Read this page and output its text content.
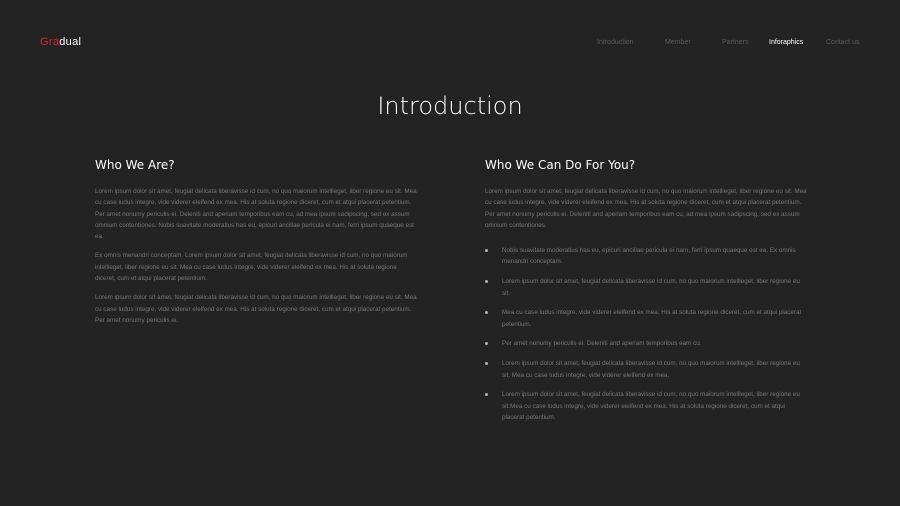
Gradual	Introduction	Member	Partners	Inforaphics	Contact us
Introduction
Who We Are?

Lorem ipsum dolor sit amet, feugiat delicata liberavisse id cum, no quo maiorum intellleget, liber regione eu sit. Mea cu case ludus integre, vide viderer eleifend ex mea. His at soluta regione diceret, cum et atqui placerat petentium. Per amet nonumy periculis ei. Deleniti and aperiam temporibus eam cu, ad mea ipsum sadipscing, sed ex assum omnium contentiones. Nobis suavitate moderatius has eu, epicuri ancillae pericula ei nam, ferri ipsum quaeque est ea.

Ex omnis menandri conceptam. Lorem ipsum dolor sit amet, feugiat delicata liberavisse id cum, no quo maiorum intellleget, liber regione eu sit. Mea cu case ludus integre, vide viderer eleifend ex mea. His at soluta regione diceret, cum et atqui placerat petentium.

Lorem ipsum dolor sit amet, feugiat delicata liberavisse id cum, no quo maiorum intellleget, liber regione eu sit. Mea cu case ludus integre, vide viderer eleifend ex mea. His at soluta regione diceret, cum et atqui placerat petentium. Per amet nonumy periculis ei.

Who We Can Do For You?

Lorem ipsum dolor sit amet, feugiat delicata liberavisse id cum, no quo maiorum intellleget, liber regione eu sit. Mea cu case ludus integre, vide viderer eleifend ex mea. His at soluta regione diceret, cum et atqui placerat petentium. Per amet nonumy periculis ei. Deleniti and aperiam temporibus eam cu, ad mea ipsum sadipscing, sed ex assum omnium contentiones.

Nobis suavitate moderatius has eu, epicuri ancillae pericula ei nam, ferri ipsum quaeque est ea. Ex omnis menandri conceptam.
Lorem ipsum dolor sit amet, feugiat delicata liberavisse id cum, no quo maiorum intellleget, liber regione eu sit.
Mea cu case ludus integre, vide viderer eleifend ex mea. His at soluta regione diceret, cum et atqui placerat petentium.
Per amet nonumy periculis ei. Deleniti and aperiam temporibus eam cu.
Lorem ipsum dolor sit amet, feugiat delicata liberavisse id cum, no quo maiorum intellleget, liber regione eu sit. Mea cu case ludus integre, vide viderer eleifend ex mea.
Lorem ipsum dolor sit amet, feugiat delicata liberavisse id cum, no quo maiorum intellleget, liber regione eu sit.Mea cu case ludus integre, vide viderer eleifend ex mea. His at soluta regione diceret, cum et atqui placerat petentium.
